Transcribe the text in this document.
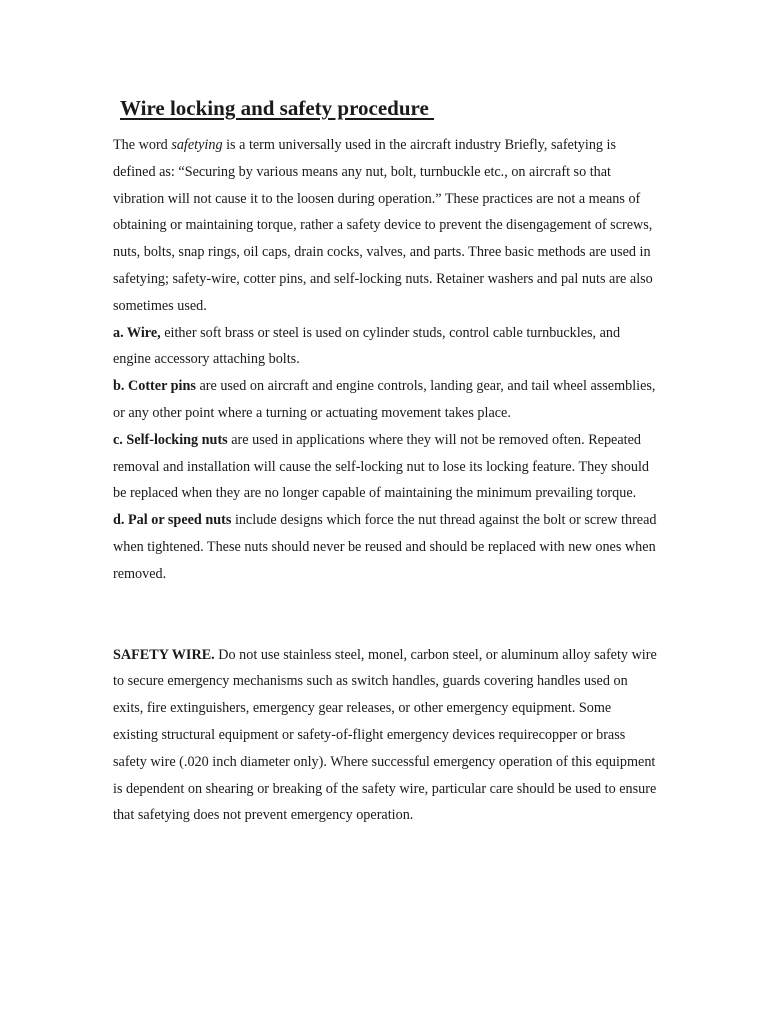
Wire locking and safety procedure

The word safetying is a term universally used in the aircraft industry Briefly, safetying is defined as: “Securing by various means any nut, bolt, turnbuckle etc., on aircraft so that vibration will not cause it to the loosen during operation.” These practices are not a means of obtaining or maintaining torque, rather a safety device to prevent the disengagement of screws, nuts, bolts, snap rings, oil caps, drain cocks, valves, and parts. Three basic methods are used in safetying; safety-wire, cotter pins, and self-locking nuts. Retainer washers and pal nuts are also sometimes used.

a. Wire, either soft brass or steel is used on cylinder studs, control cable turnbuckles, and engine accessory attaching bolts.

b. Cotter pins are used on aircraft and engine controls, landing gear, and tail wheel assemblies, or any other point where a turning or actuating movement takes place.

c. Self-locking nuts are used in applications where they will not be removed often. Repeated removal and installation will cause the self-locking nut to lose its locking feature. They should be replaced when they are no longer capable of maintaining the minimum prevailing torque.

d. Pal or speed nuts include designs which force the nut thread against the bolt or screw thread when tightened. These nuts should never be reused and should be replaced with new ones when removed.

SAFETY WIRE. Do not use stainless steel, monel, carbon steel, or aluminum alloy safety wire to secure emergency mechanisms such as switch handles, guards covering handles used on exits, fire extinguishers, emergency gear releases, or other emergency equipment. Some existing structural equipment or safety-of-flight emergency devices requirecopper or brass safety wire (.020 inch diameter only). Where successful emergency operation of this equipment is dependent on shearing or breaking of the safety wire, particular care should be used to ensure that safetying does not prevent emergency operation.
